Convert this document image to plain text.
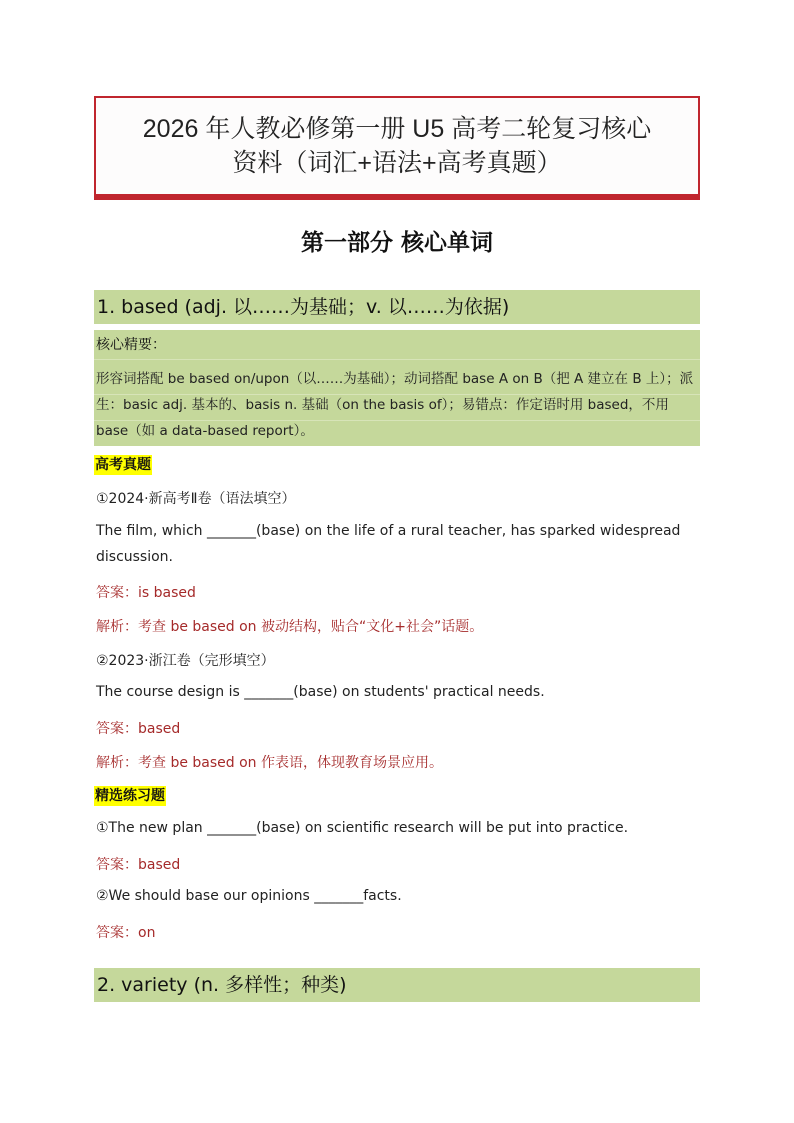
2026 年人教必修第一册 U5 高考二轮复习核心
资料（词汇+语法+高考真题）
第一部分 核心单词
1. based (adj. 以……为基础；v. 以……为依据)
核心精要：
形容词搭配 be based on/upon（以……为基础）；动词搭配 base A on B（把 A 建立在 B 上）；派生：basic adj. 基本的、basis n. 基础（on the basis of）；易错点：作定语时用 based，不用 base（如 a data-based report）。
高考真题
①2024·新高考Ⅱ卷（语法填空）
The film, which _______(base) on the life of a rural teacher, has sparked widespread discussion.
答案：is based
解析：考查 be based on 被动结构，贴合“文化+社会”话题。
②2023·浙江卷（完形填空）
The course design is _______(base) on students' practical needs.
答案：based
解析：考查 be based on 作表语，体现教育场景应用。
精选练习题
①The new plan _______(base) on scientific research will be put into practice.
答案：based
②We should base our opinions _______facts.
答案：on
2. variety (n. 多样性；种类)
